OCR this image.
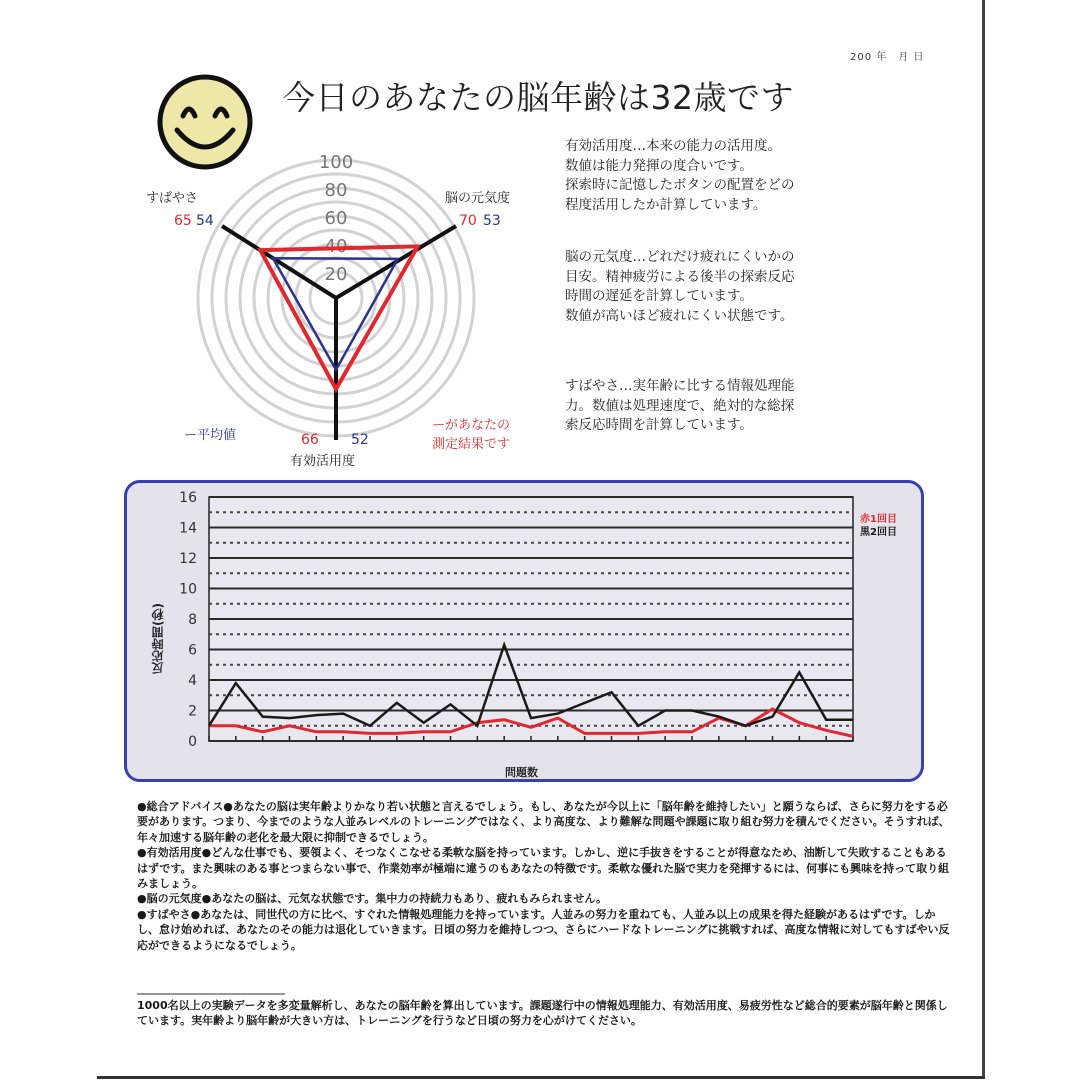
200 年　月 日
今日のあなたの脳年齢は32歳です
100
80
60
40
20
すばやさ
65 54
脳の元気度
70 53
66 52
有効活用度
ー平均値
ーがあなたの
測定結果です
有効活用度…本来の能力の活用度。
数値は能力発揮の度合いです。
探索時に記憶したボタンの配置をどの
程度活用したか計算しています。
脳の元気度…どれだけ疲れにくいかの
目安。精神疲労による後半の探索反応
時間の遅延を計算しています。
数値が高いほど疲れにくい状態です。
すばやさ…実年齢に比する情報処理能
力。数値は処理速度で、絶対的な総探
索反応時間を計算しています。
0
2
4
6
8
10
12
14
16
反応時間(秒)
問題数
赤1回目
黒2回目

●総合アドバイス●あなたの脳は実年齢よりかなり若い状態と言えるでしょう。もし、あなたが今以上に「脳年齢を維持したい」と願うならば、さらに努力をする必要があります。つまり、今までのような人並みレベルのトレーニングではなく、より高度な、より難解な問題や課題に取り組む努力を積んでください。そうすれば、年々加速する脳年齢の老化を最大限に抑制できるでしょう。

●有効活用度●どんな仕事でも、要領よく、そつなくこなせる柔軟な脳を持っています。しかし、逆に手抜きをすることが得意なため、油断して失敗することもあるはずです。また興味のある事とつまらない事で、作業効率が極端に違うのもあなたの特徴です。柔軟な優れた脳で実力を発揮するには、何事にも興味を持って取り組みましょう。

●脳の元気度●あなたの脳は、元気な状態です。集中力の持続力もあり、疲れもみられません。

●すばやさ●あなたは、同世代の方に比べ、すぐれた情報処理能力を持っています。人並みの努力を重ねても、人並み以上の成果を得た経験があるはずです。しかし、怠け始めれば、あなたのその能力は退化していきます。日頃の努力を維持しつつ、さらにハードなトレーニングに挑戦すれば、高度な情報に対してもすばやい反応ができるようになるでしょう。

1000名以上の実験データを多変量解析し、あなたの脳年齢を算出しています。課題遂行中の情報処理能力、有効活用度、易疲労性など総合的要素が脳年齢と関係しています。実年齢より脳年齢が大きい方は、トレーニングを行うなど日頃の努力を心がけてください。
